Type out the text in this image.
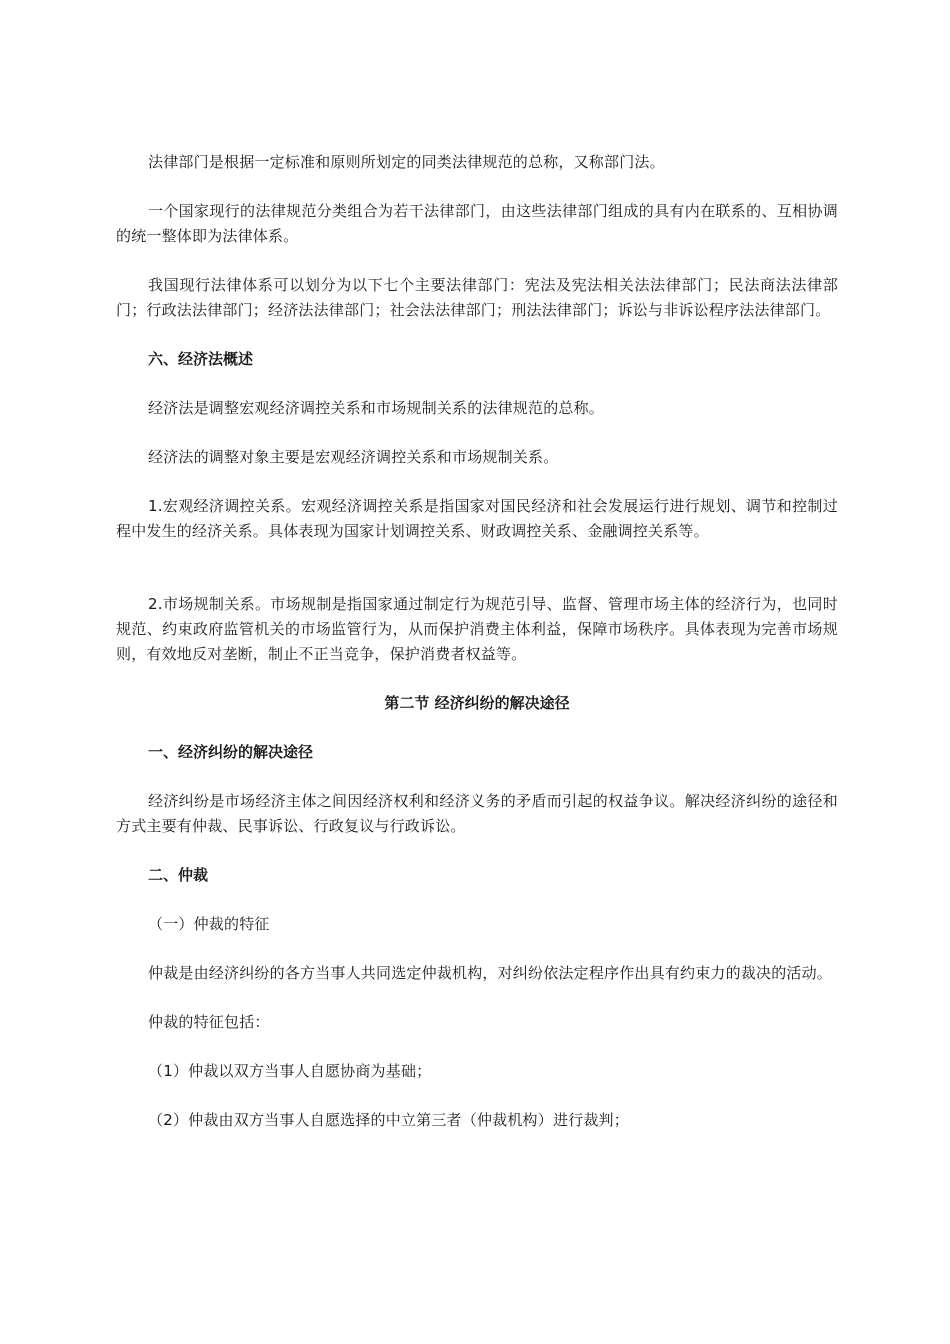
法律部门是根据一定标准和原则所划定的同类法律规范的总称，又称部门法。

一个国家现行的法律规范分类组合为若干法律部门，由这些法律部门组成的具有内在联系的、互相协调的统一整体即为法律体系。

我国现行法律体系可以划分为以下七个主要法律部门：宪法及宪法相关法法律部门；民法商法法律部门；行政法法律部门；经济法法律部门；社会法法律部门；刑法法律部门；诉讼与非诉讼程序法法律部门。

六、经济法概述

经济法是调整宏观经济调控关系和市场规制关系的法律规范的总称。

经济法的调整对象主要是宏观经济调控关系和市场规制关系。

1.宏观经济调控关系。宏观经济调控关系是指国家对国民经济和社会发展运行进行规划、调节和控制过程中发生的经济关系。具体表现为国家计划调控关系、财政调控关系、金融调控关系等。

2.市场规制关系。市场规制是指国家通过制定行为规范引导、监督、管理市场主体的经济行为，也同时规范、约束政府监管机关的市场监管行为，从而保护消费主体利益，保障市场秩序。具体表现为完善市场规则，有效地反对垄断，制止不正当竞争，保护消费者权益等。

第二节 经济纠纷的解决途径

一、经济纠纷的解决途径

经济纠纷是市场经济主体之间因经济权利和经济义务的矛盾而引起的权益争议。解决经济纠纷的途径和方式主要有仲裁、民事诉讼、行政复议与行政诉讼。

二、仲裁

（一）仲裁的特征

仲裁是由经济纠纷的各方当事人共同选定仲裁机构，对纠纷依法定程序作出具有约束力的裁决的活动。

仲裁的特征包括：

（1）仲裁以双方当事人自愿协商为基础；

（2）仲裁由双方当事人自愿选择的中立第三者（仲裁机构）进行裁判；
